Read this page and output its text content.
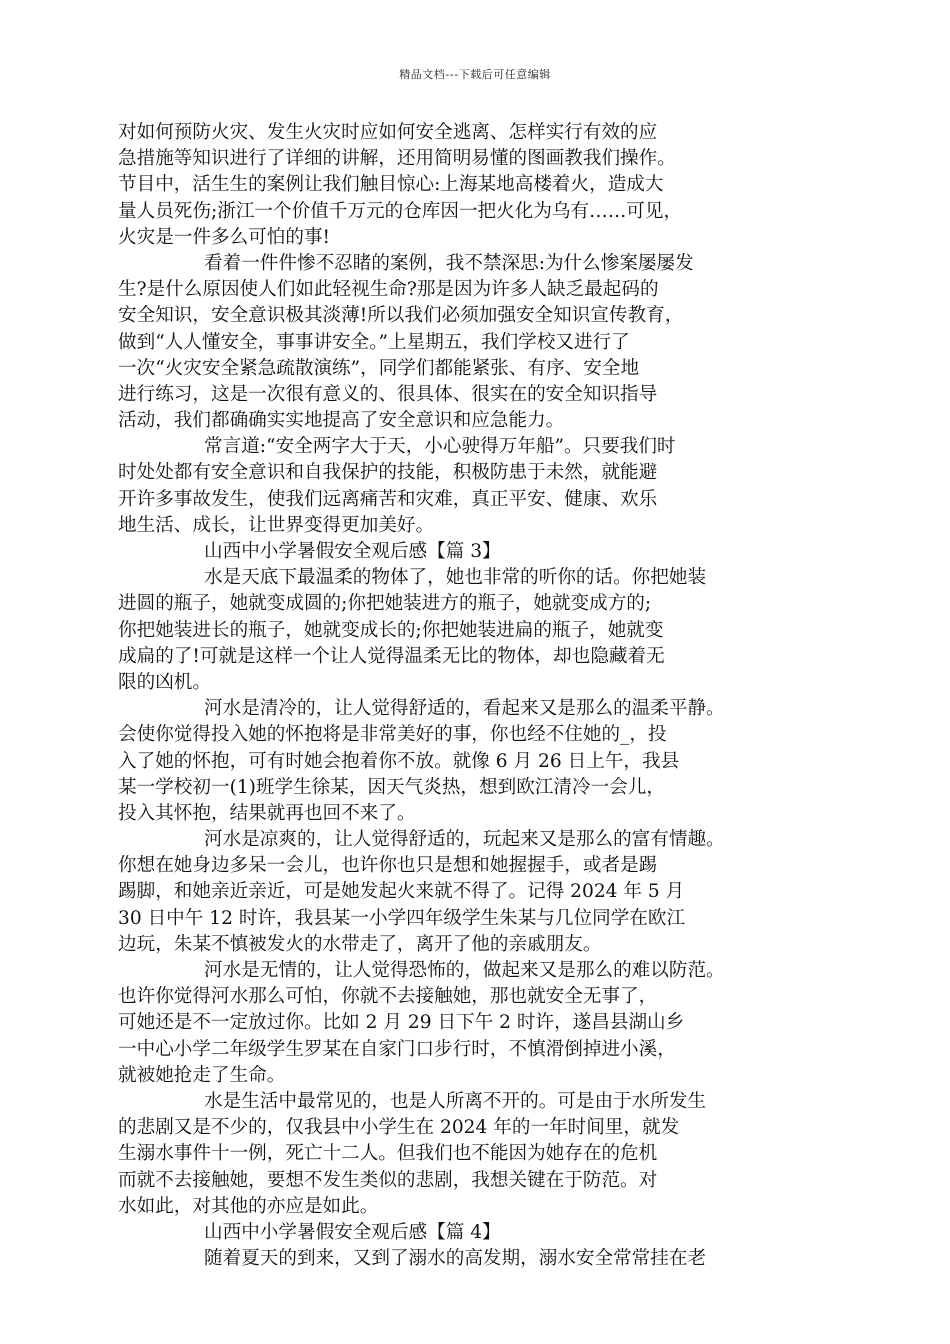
精品文档---下载后可任意编辑
对如何预防火灾、发生火灾时应如何安全逃离、怎样实行有效的应
急措施等知识进行了详细的讲解，还用简明易懂的图画教我们操作。
节目中，活生生的案例让我们触目惊心:上海某地高楼着火，造成大
量人员死伤;浙江一个价值千万元的仓库因一把火化为乌有……可见，
火灾是一件多么可怕的事!
看着一件件惨不忍睹的案例，我不禁深思:为什么惨案屡屡发
生?是什么原因使人们如此轻视生命?那是因为许多人缺乏最起码的
安全知识，安全意识极其淡薄!所以我们必须加强安全知识宣传教育，
做到“人人懂安全，事事讲安全。”上星期五，我们学校又进行了
一次“火灾安全紧急疏散演练”，同学们都能紧张、有序、安全地
进行练习，这是一次很有意义的、很具体、很实在的安全知识指导
活动，我们都确确实实地提高了安全意识和应急能力。
常言道:“安全两字大于天，小心驶得万年船”。只要我们时
时处处都有安全意识和自我保护的技能，积极防患于未然，就能避
开许多事故发生，使我们远离痛苦和灾难，真正平安、健康、欢乐
地生活、成长，让世界变得更加美好。
山西中小学暑假安全观后感【篇 3】
水是天底下最温柔的物体了，她也非常的听你的话。你把她装
进圆的瓶子，她就变成圆的;你把她装进方的瓶子，她就变成方的;
你把她装进长的瓶子，她就变成长的;你把她装进扁的瓶子，她就变
成扁的了!可就是这样一个让人觉得温柔无比的物体，却也隐藏着无
限的凶机。
河水是清冷的，让人觉得舒适的，看起来又是那么的温柔平静。
会使你觉得投入她的怀抱将是非常美好的事，你也经不住她的_，投
入了她的怀抱，可有时她会抱着你不放。就像 6 月 26 日上午，我县
某一学校初一(1)班学生徐某，因天气炎热，想到欧江清冷一会儿，
投入其怀抱，结果就再也回不来了。
河水是凉爽的，让人觉得舒适的，玩起来又是那么的富有情趣。
你想在她身边多呆一会儿，也许你也只是想和她握握手，或者是踢
踢脚，和她亲近亲近，可是她发起火来就不得了。记得 2024 年 5 月
30 日中午 12 时许，我县某一小学四年级学生朱某与几位同学在欧江
边玩，朱某不慎被发火的水带走了，离开了他的亲戚朋友。
河水是无情的，让人觉得恐怖的，做起来又是那么的难以防范。
也许你觉得河水那么可怕，你就不去接触她，那也就安全无事了，
可她还是不一定放过你。比如 2 月 29 日下午 2 时许，遂昌县湖山乡
一中心小学二年级学生罗某在自家门口步行时，不慎滑倒掉进小溪，
就被她抢走了生命。
水是生活中最常见的，也是人所离不开的。可是由于水所发生
的悲剧又是不少的，仅我县中小学生在 2024 年的一年时间里，就发
生溺水事件十一例，死亡十二人。但我们也不能因为她存在的危机
而就不去接触她，要想不发生类似的悲剧，我想关键在于防范。对
水如此，对其他的亦应是如此。
山西中小学暑假安全观后感【篇 4】
随着夏天的到来，又到了溺水的高发期，溺水安全常常挂在老
